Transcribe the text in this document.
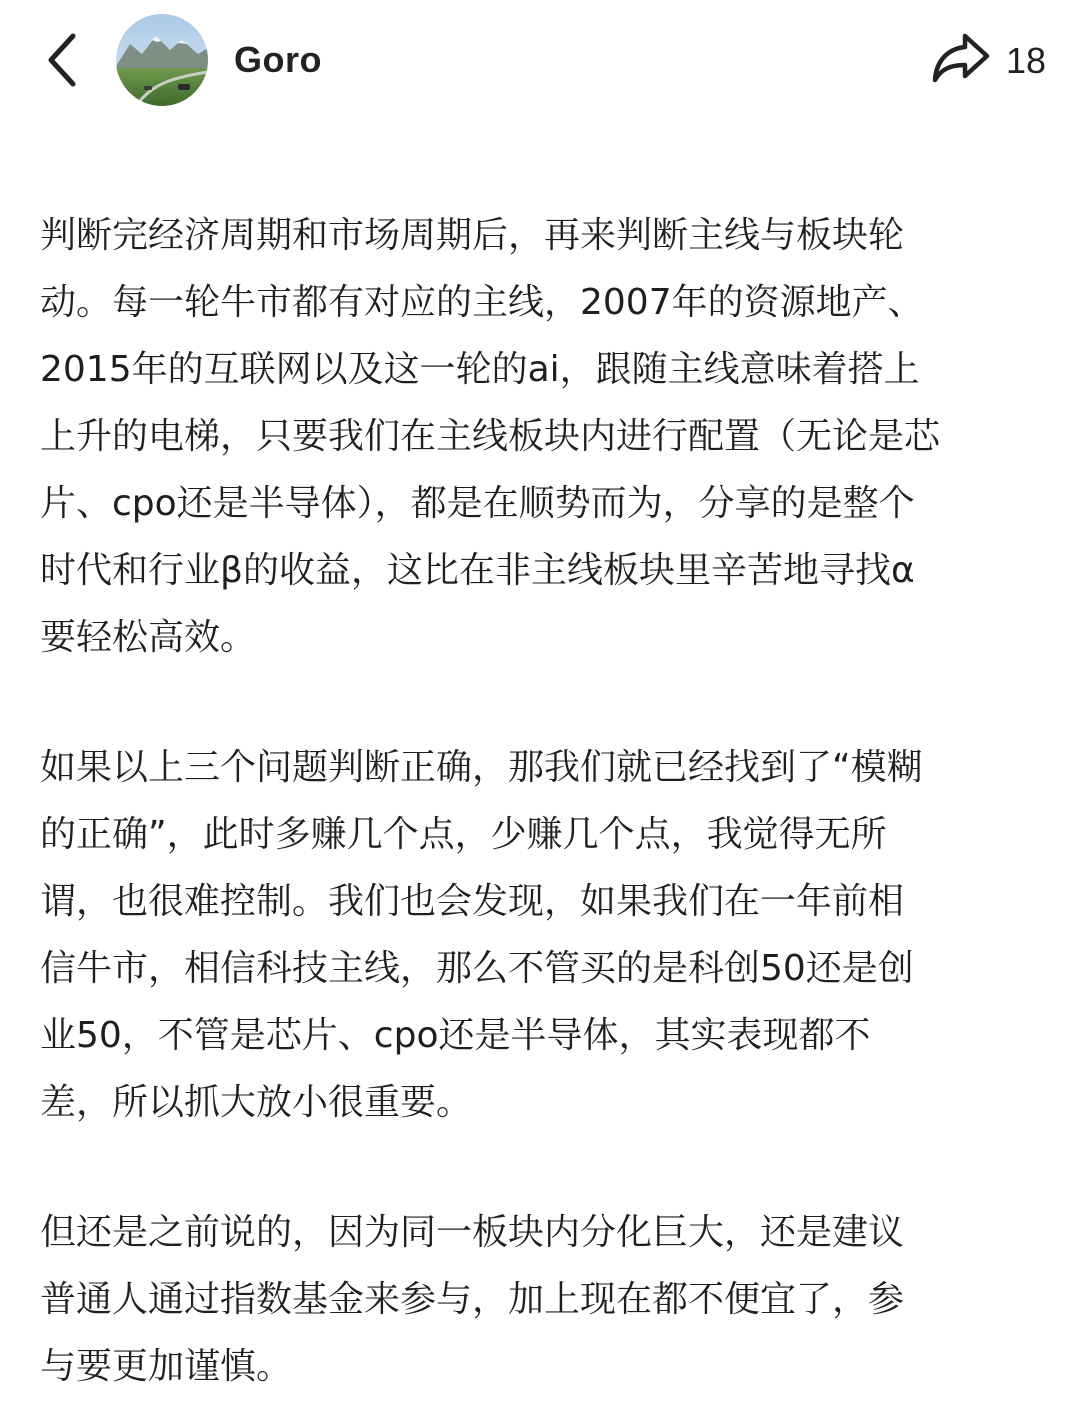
Goro	18

判断完经济周期和市场周期后，再来判断主线与板块轮
动。每一轮牛市都有对应的主线，2007年的资源地产、
2015年的互联网以及这一轮的ai，跟随主线意味着搭上
上升的电梯，只要我们在主线板块内进行配置（无论是芯
片、cpo还是半导体），都是在顺势而为，分享的是整个
时代和行业β的收益，这比在非主线板块里辛苦地寻找α
要轻松高效。

如果以上三个问题判断正确，那我们就已经找到了“模糊
的正确”，此时多赚几个点，少赚几个点，我觉得无所
谓，也很难控制。我们也会发现，如果我们在一年前相
信牛市，相信科技主线，那么不管买的是科创50还是创
业50，不管是芯片、cpo还是半导体，其实表现都不
差，所以抓大放小很重要。

但还是之前说的，因为同一板块内分化巨大，还是建议
普通人通过指数基金来参与，加上现在都不便宜了，参
与要更加谨慎。
